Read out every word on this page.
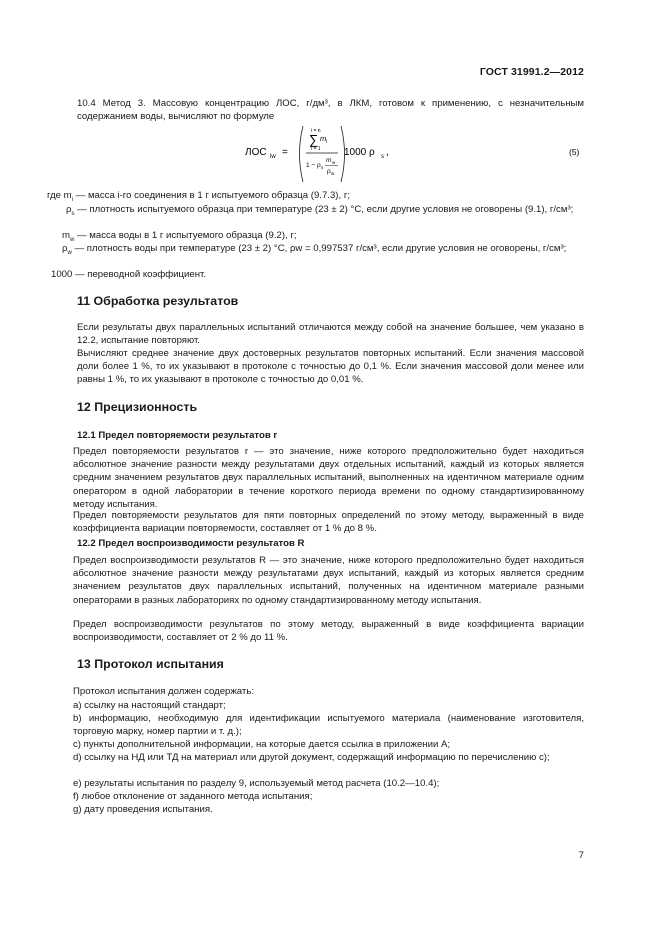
ГОСТ 31991.2—2012
10.4 Метод 3. Массовую концентрацию ЛОС, г/дм³, в ЛКМ, готовом к применению, с незначительным содержанием воды, вычисляют по формуле
ЛОС lw =
i = n
∑ m i
i = 1
1 − ρ s
m w
ρ w
1000 ρ s ,	(5)
где $m_i$ — масса i-го соединения в 1 г испытуемого образца (9.7.3), г;
$\rho_s$ — плотность испытуемого образца при температуре (23 ± 2) °С, если другие условия не оговорены (9.1), г/см³;
$m_w$ — масса воды в 1 г испытуемого образца (9.2), г;
$\rho_w$ — плотность воды при температуре (23 ± 2) °С, ρw = 0,997537 г/см³, если другие условия не оговорены, г/см³;
1000 — переводной коэффициент.
11 Обработка результатов
Если результаты двух параллельных испытаний отличаются между собой на значение большее, чем указано в 12.2, испытание повторяют.
Вычисляют среднее значение двух достоверных результатов повторных испытаний. Если значения массовой доли более 1 %, то их указывают в протоколе с точностью до 0,1 %. Если значения массовой доли менее или равны 1 %, то их указывают в протоколе с точностью до 0,01 %.
12 Прецизионность
12.1 Предел повторяемости результатов r
Предел повторяемости результатов r — это значение, ниже которого предположительно будет находиться абсолютное значение разности между результатами двух отдельных испытаний, каждый из которых является средним значением результатов двух параллельных испытаний, выполненных на идентичном материале одним оператором в одной лаборатории в течение короткого периода времени по одному стандартизированному методу испытания.
Предел повторяемости результатов для пяти повторных определений по этому методу, выраженный в виде коэффициента вариации повторяемости, составляет от 1 % до 8 %.
12.2 Предел воспроизводимости результатов R
Предел воспроизводимости результатов R — это значение, ниже которого предположительно будет находиться абсолютное значение разности между результатами двух испытаний, каждый из которых является средним значением результатов двух параллельных испытаний, полученных на идентичном материале разными операторами в разных лабораториях по одному стандартизированному методу испытания.
Предел воспроизводимости результатов по этому методу, выраженный в виде коэффициента вариации воспроизводимости, составляет от 2 % до 11 %.
13 Протокол испытания
Протокол испытания должен содержать:
a) ссылку на настоящий стандарт;
b) информацию, необходимую для идентификации испытуемого материала (наименование изготовителя, торговую марку, номер партии и т. д.);
c) пункты дополнительной информации, на которые дается ссылка в приложении А;
d) ссылку на НД или ТД на материал или другой документ, содержащий информацию по перечислению с);
e) результаты испытания по разделу 9, используемый метод расчета (10.2—10.4);
f) любое отклонение от заданного метода испытания;
g) дату проведения испытания.
7
